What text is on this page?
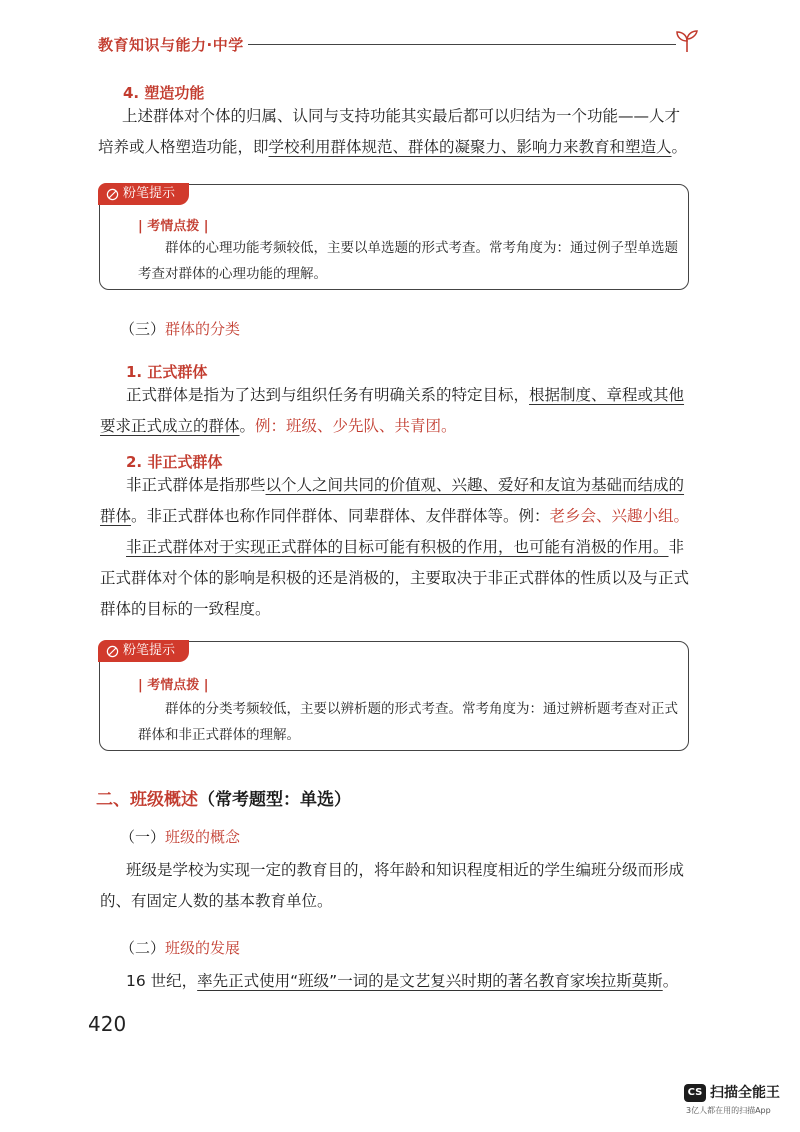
教育知识与能力·中学
4. 塑造功能
上述群体对个体的归属、认同与支持功能其实最后都可以归结为一个功能——人才
培养或人格塑造功能，即学校利用群体规范、群体的凝聚力、影响力来教育和塑造人。
粉笔提示
| 考情点拨 |
群体的心理功能考频较低，主要以单选题的形式考查。常考角度为：通过例子型单选题考查对群体的心理功能的理解。
（三）群体的分类
1. 正式群体
正式群体是指为了达到与组织任务有明确关系的特定目标，根据制度、章程或其他
要求正式成立的群体。例：班级、少先队、共青团。
2. 非正式群体
非正式群体是指那些以个人之间共同的价值观、兴趣、爱好和友谊为基础而结成的
群体。非正式群体也称作同伴群体、同辈群体、友伴群体等。例：老乡会、兴趣小组。
非正式群体对于实现正式群体的目标可能有积极的作用，也可能有消极的作用。非
正式群体对个体的影响是积极的还是消极的，主要取决于非正式群体的性质以及与正式
群体的目标的一致程度。
粉笔提示
| 考情点拨 |
群体的分类考频较低，主要以辨析题的形式考查。常考角度为：通过辨析题考查对正式群体和非正式群体的理解。
二、班级概述（常考题型：单选）
（一）班级的概念
班级是学校为实现一定的教育目的，将年龄和知识程度相近的学生编班分级而形成
的、有固定人数的基本教育单位。
（二）班级的发展
16 世纪，率先正式使用“班级”一词的是文艺复兴时期的著名教育家埃拉斯莫斯。
420
CS 扫描全能王
3亿人都在用的扫描App
